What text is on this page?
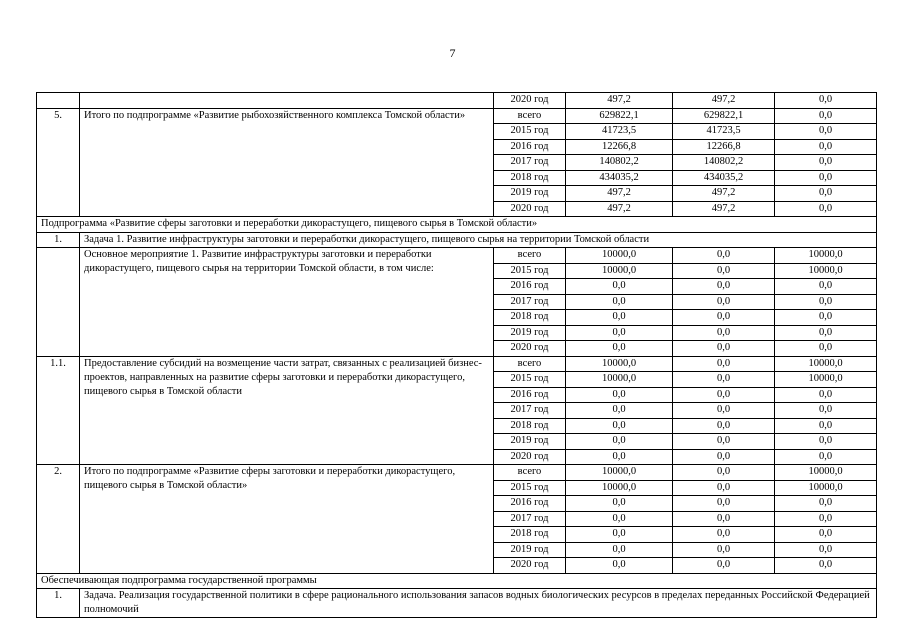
7
		2020 год	497,2	497,2	0,0
5.	Итого по подпрограмме «Развитие рыбохозяйственного комплекса Томской области»	всего	629822,1	629822,1	0,0
		2015 год	41723,5	41723,5	0,0
		2016 год	12266,8	12266,8	0,0
		2017 год	140802,2	140802,2	0,0
		2018 год	434035,2	434035,2	0,0
		2019 год	497,2	497,2	0,0
		2020 год	497,2	497,2	0,0
Подпрограмма «Развитие сферы заготовки и переработки дикорастущего, пищевого сырья в Томской области»					
1.	Задача 1. Развитие инфраструктуры заготовки и переработки дикорастущего, пищевого сырья на территории Томской области				
	Основное мероприятие 1. Развитие инфраструктуры заготовки и переработки дикорастущего, пищевого сырья на территории Томской области, в том числе:	всего	10000,0	0,0	10000,0
		2015 год	10000,0	0,0	10000,0
		2016 год	0,0	0,0	0,0
		2017 год	0,0	0,0	0,0
		2018 год	0,0	0,0	0,0
		2019 год	0,0	0,0	0,0
		2020 год	0,0	0,0	0,0
1.1.	Предоставление субсидий на возмещение части затрат, связанных с реализацией бизнес-проектов, направленных на развитие сферы заготовки и переработки дикорастущего, пищевого сырья в Томской области	всего	10000,0	0,0	10000,0
		2015 год	10000,0	0,0	10000,0
		2016 год	0,0	0,0	0,0
		2017 год	0,0	0,0	0,0
		2018 год	0,0	0,0	0,0
		2019 год	0,0	0,0	0,0
		2020 год	0,0	0,0	0,0
2.	Итого по подпрограмме «Развитие сферы заготовки и переработки дикорастущего, пищевого сырья в Томской области»	всего	10000,0	0,0	10000,0
		2015 год	10000,0	0,0	10000,0
		2016 год	0,0	0,0	0,0
		2017 год	0,0	0,0	0,0
		2018 год	0,0	0,0	0,0
		2019 год	0,0	0,0	0,0
		2020 год	0,0	0,0	0,0
Обеспечивающая подпрограмма государственной программы					
1.	Задача. Реализация государственной политики в сфере рационального использования запасов водных биологических ресурсов в пределах переданных Российской Федерацией полномочий				
